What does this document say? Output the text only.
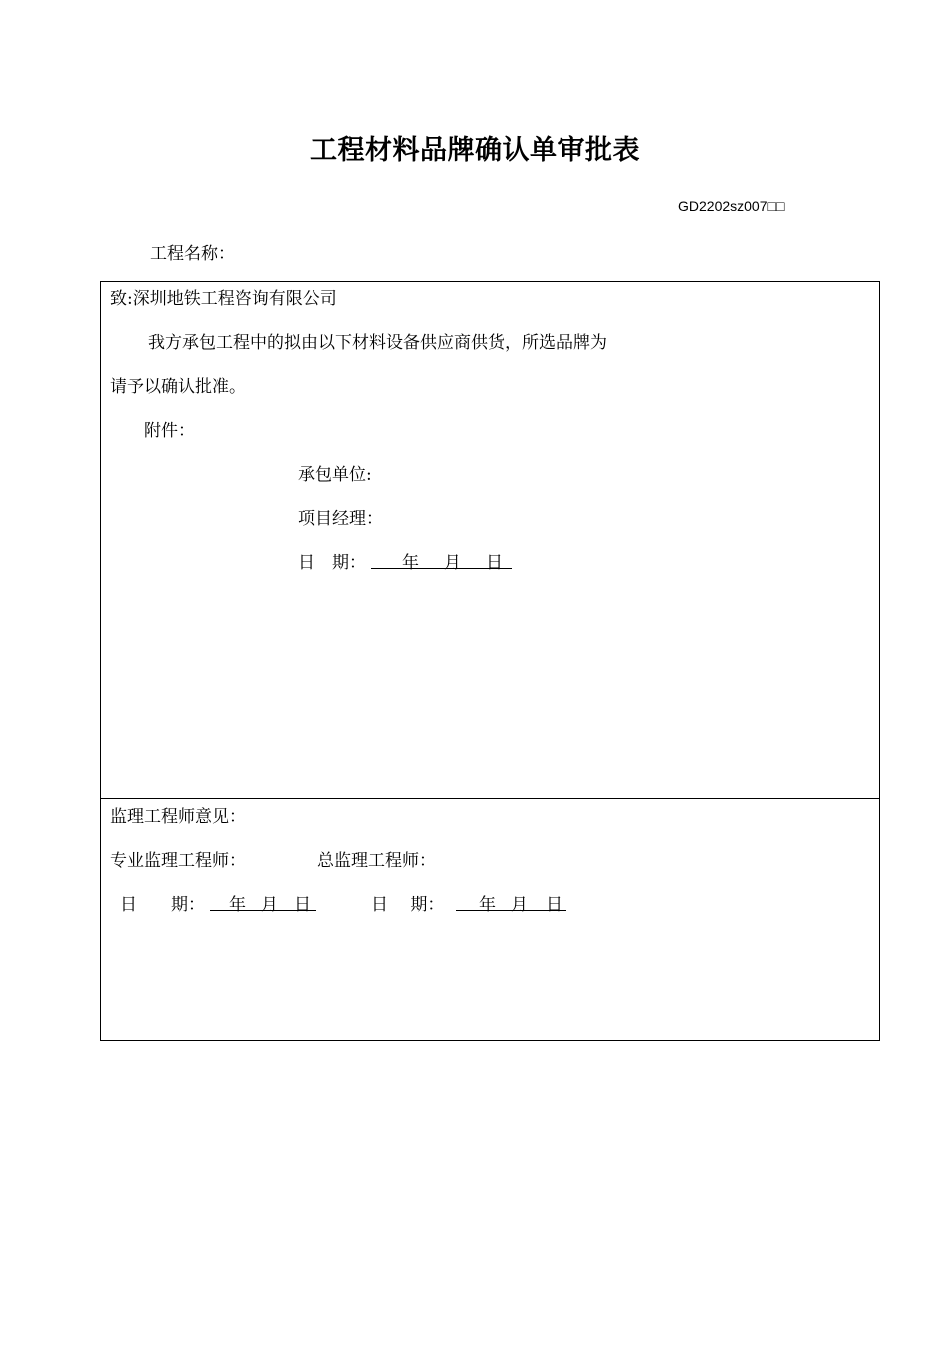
工程材料品牌确认单审批表
GD2202sz007□□
工程名称：
致:深圳地铁工程咨询有限公司
我方承包工程中的拟由以下材料设备供应商供货，所选品牌为
请予以确认批准。
附件：
承包单位:
项目经理：
日　期： 年 月 日
监理工程师意见：
专业监理工程师：	总监理工程师：
日　　期： 年 月 日	日　 期： 年 月 日
